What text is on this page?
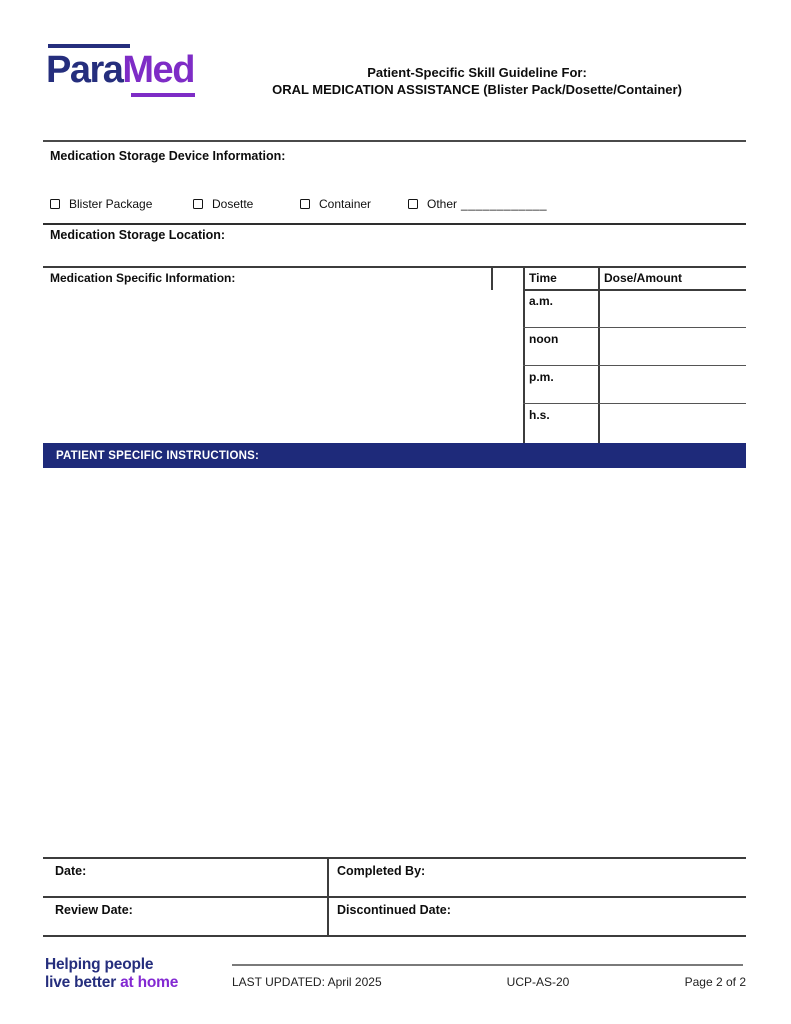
ParaMed	Patient-Specific Skill Guideline For:
ORAL MEDICATION ASSISTANCE (Blister Pack/Dosette/Container)
Medication Storage Device Information:
Blister Package	Dosette	Container	Other ____________
Medication Storage Location:
Medication Specific Information:	Time	Dose/Amount
a.m.
noon
p.m.
h.s.
PATIENT SPECIFIC INSTRUCTIONS:
Date:	Completed By:
Review Date:	Discontinued Date:
Helping people
live better at home	LAST UPDATED: April 2025	UCP-AS-20	Page 2 of 2
